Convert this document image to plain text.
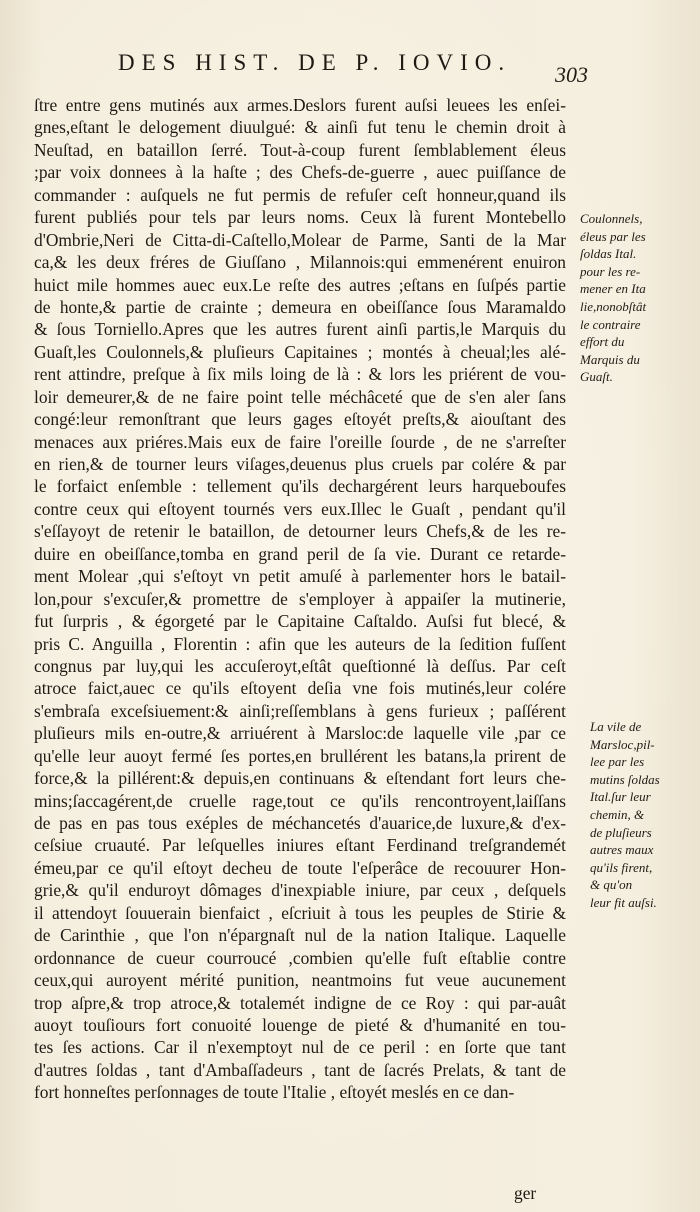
DES HIST. DE P. IOVIO.	303
ſtre entre gens mutinés aux armes.Deslors furent auſsi leuees les enſei-
gnes,eſtant le delogement diuulgué: & ainſi fut tenu le chemin droit à
Neuſtad, en bataillon ſerré. Tout-à-coup furent ſemblablement éleus
;par voix donnees à la haſte ; des Chefs-de-guerre , auec puiſſance de
commander : auſquels ne fut permis de refuſer ceſt honneur,quand ils
furent publiés pour tels par leurs noms. Ceux là furent Montebello
d'Ombrie,Neri de Citta-di-Caſtello,Molear de Parme, Santi de la Mar
ca,& les deux fréres de Giuſſano , Milannois:qui emmenérent enuiron
huict mile hommes auec eux.Le reſte des autres ;eſtans en ſuſpés partie
de honte,& partie de crainte ; demeura en obeiſſance ſous Maramaldo
& ſous Torniello.Apres que les autres furent ainſi partis,le Marquis du
Guaſt,les Coulonnels,& pluſieurs Capitaines ; montés à cheual;les alé-
rent attindre, preſque à ſix mils loing de là : & lors les priérent de vou-
loir demeurer,& de ne faire point telle méchâceté que de s'en aler ſans
congé:leur remonſtrant que leurs gages eſtoyét preſts,& aiouſtant des
menaces aux priéres.Mais eux de faire l'oreille ſourde , de ne s'arreſter
en rien,& de tourner leurs viſages,deuenus plus cruels par colére & par
le forfaict enſemble : tellement qu'ils dechargérent leurs harqueboufes
contre ceux qui eſtoyent tournés vers eux.Illec le Guaſt , pendant qu'il
s'eſſayoyt de retenir le bataillon, de detourner leurs Chefs,& de les re-
duire en obeiſſance,tomba en grand peril de ſa vie. Durant ce retarde-
ment Molear ,qui s'eſtoyt vn petit amuſé à parlementer hors le batail-
lon,pour s'excuſer,& promettre de s'employer à appaiſer la mutinerie,
fut ſurpris , & égorgeté par le Capitaine Caſtaldo. Auſsi fut blecé, &
pris C. Anguilla , Florentin : afin que les auteurs de la ſedition fuſſent
congnus par luy,qui les accuſeroyt,eſtât queſtionné là deſſus. Par ceſt
atroce faict,auec ce qu'ils eſtoyent deſia vne fois mutinés,leur colére
s'embraſa exceſsiuement:& ainſi;reſſemblans à gens furieux ; paſſérent
pluſieurs mils en-outre,& arriuérent à Marsloc:de laquelle vile ,par ce
qu'elle leur auoyt fermé ſes portes,en brullérent les batans,la prirent de
force,& la pillérent:& depuis,en continuans & eſtendant fort leurs che-
mins;ſaccagérent,de cruelle rage,tout ce qu'ils rencontroyent,laiſſans
de pas en pas tous exéples de méchancetés d'auarice,de luxure,& d'ex-
ceſsiue cruauté. Par leſquelles iniures eſtant Ferdinand treſgrandemét
émeu,par ce qu'il eſtoyt decheu de toute l'eſperâce de recouurer Hon-
grie,& qu'il enduroyt dômages d'inexpiable iniure, par ceux , deſquels
il attendoyt ſouuerain bienfaict , eſcriuit à tous les peuples de Stirie &
de Carinthie , que l'on n'épargnaſt nul de la nation Italique. Laquelle
ordonnance de cueur courroucé ,combien qu'elle fuſt eſtablie contre
ceux,qui auroyent mérité punition, neantmoins fut veue aucunement
trop aſpre,& trop atroce,& totalemét indigne de ce Roy : qui par-auât
auoyt touſiours fort conuoité louenge de pieté & d'humanité en tou-
tes ſes actions. Car il n'exemptoyt nul de ce peril : en ſorte que tant
d'autres ſoldas , tant d'Ambaſſadeurs , tant de ſacrés Prelats, & tant de
fort honneſtes perſonnages de toute l'Italie , eſtoyét meslés en ce dan-
Coulonnels,
éleus par les
ſoldas Ital.
pour les re-
mener en Ita
lie,nonobſtât
le contraire
effort du
Marquis du
Guaſt.
La vile de
Marsloc,pil-
lee par les
mutins ſoldas
Ital.ſur leur
chemin, &
de pluſieurs
autres maux
qu'ils firent,
& qu'on
leur fit auſsi.
ger
